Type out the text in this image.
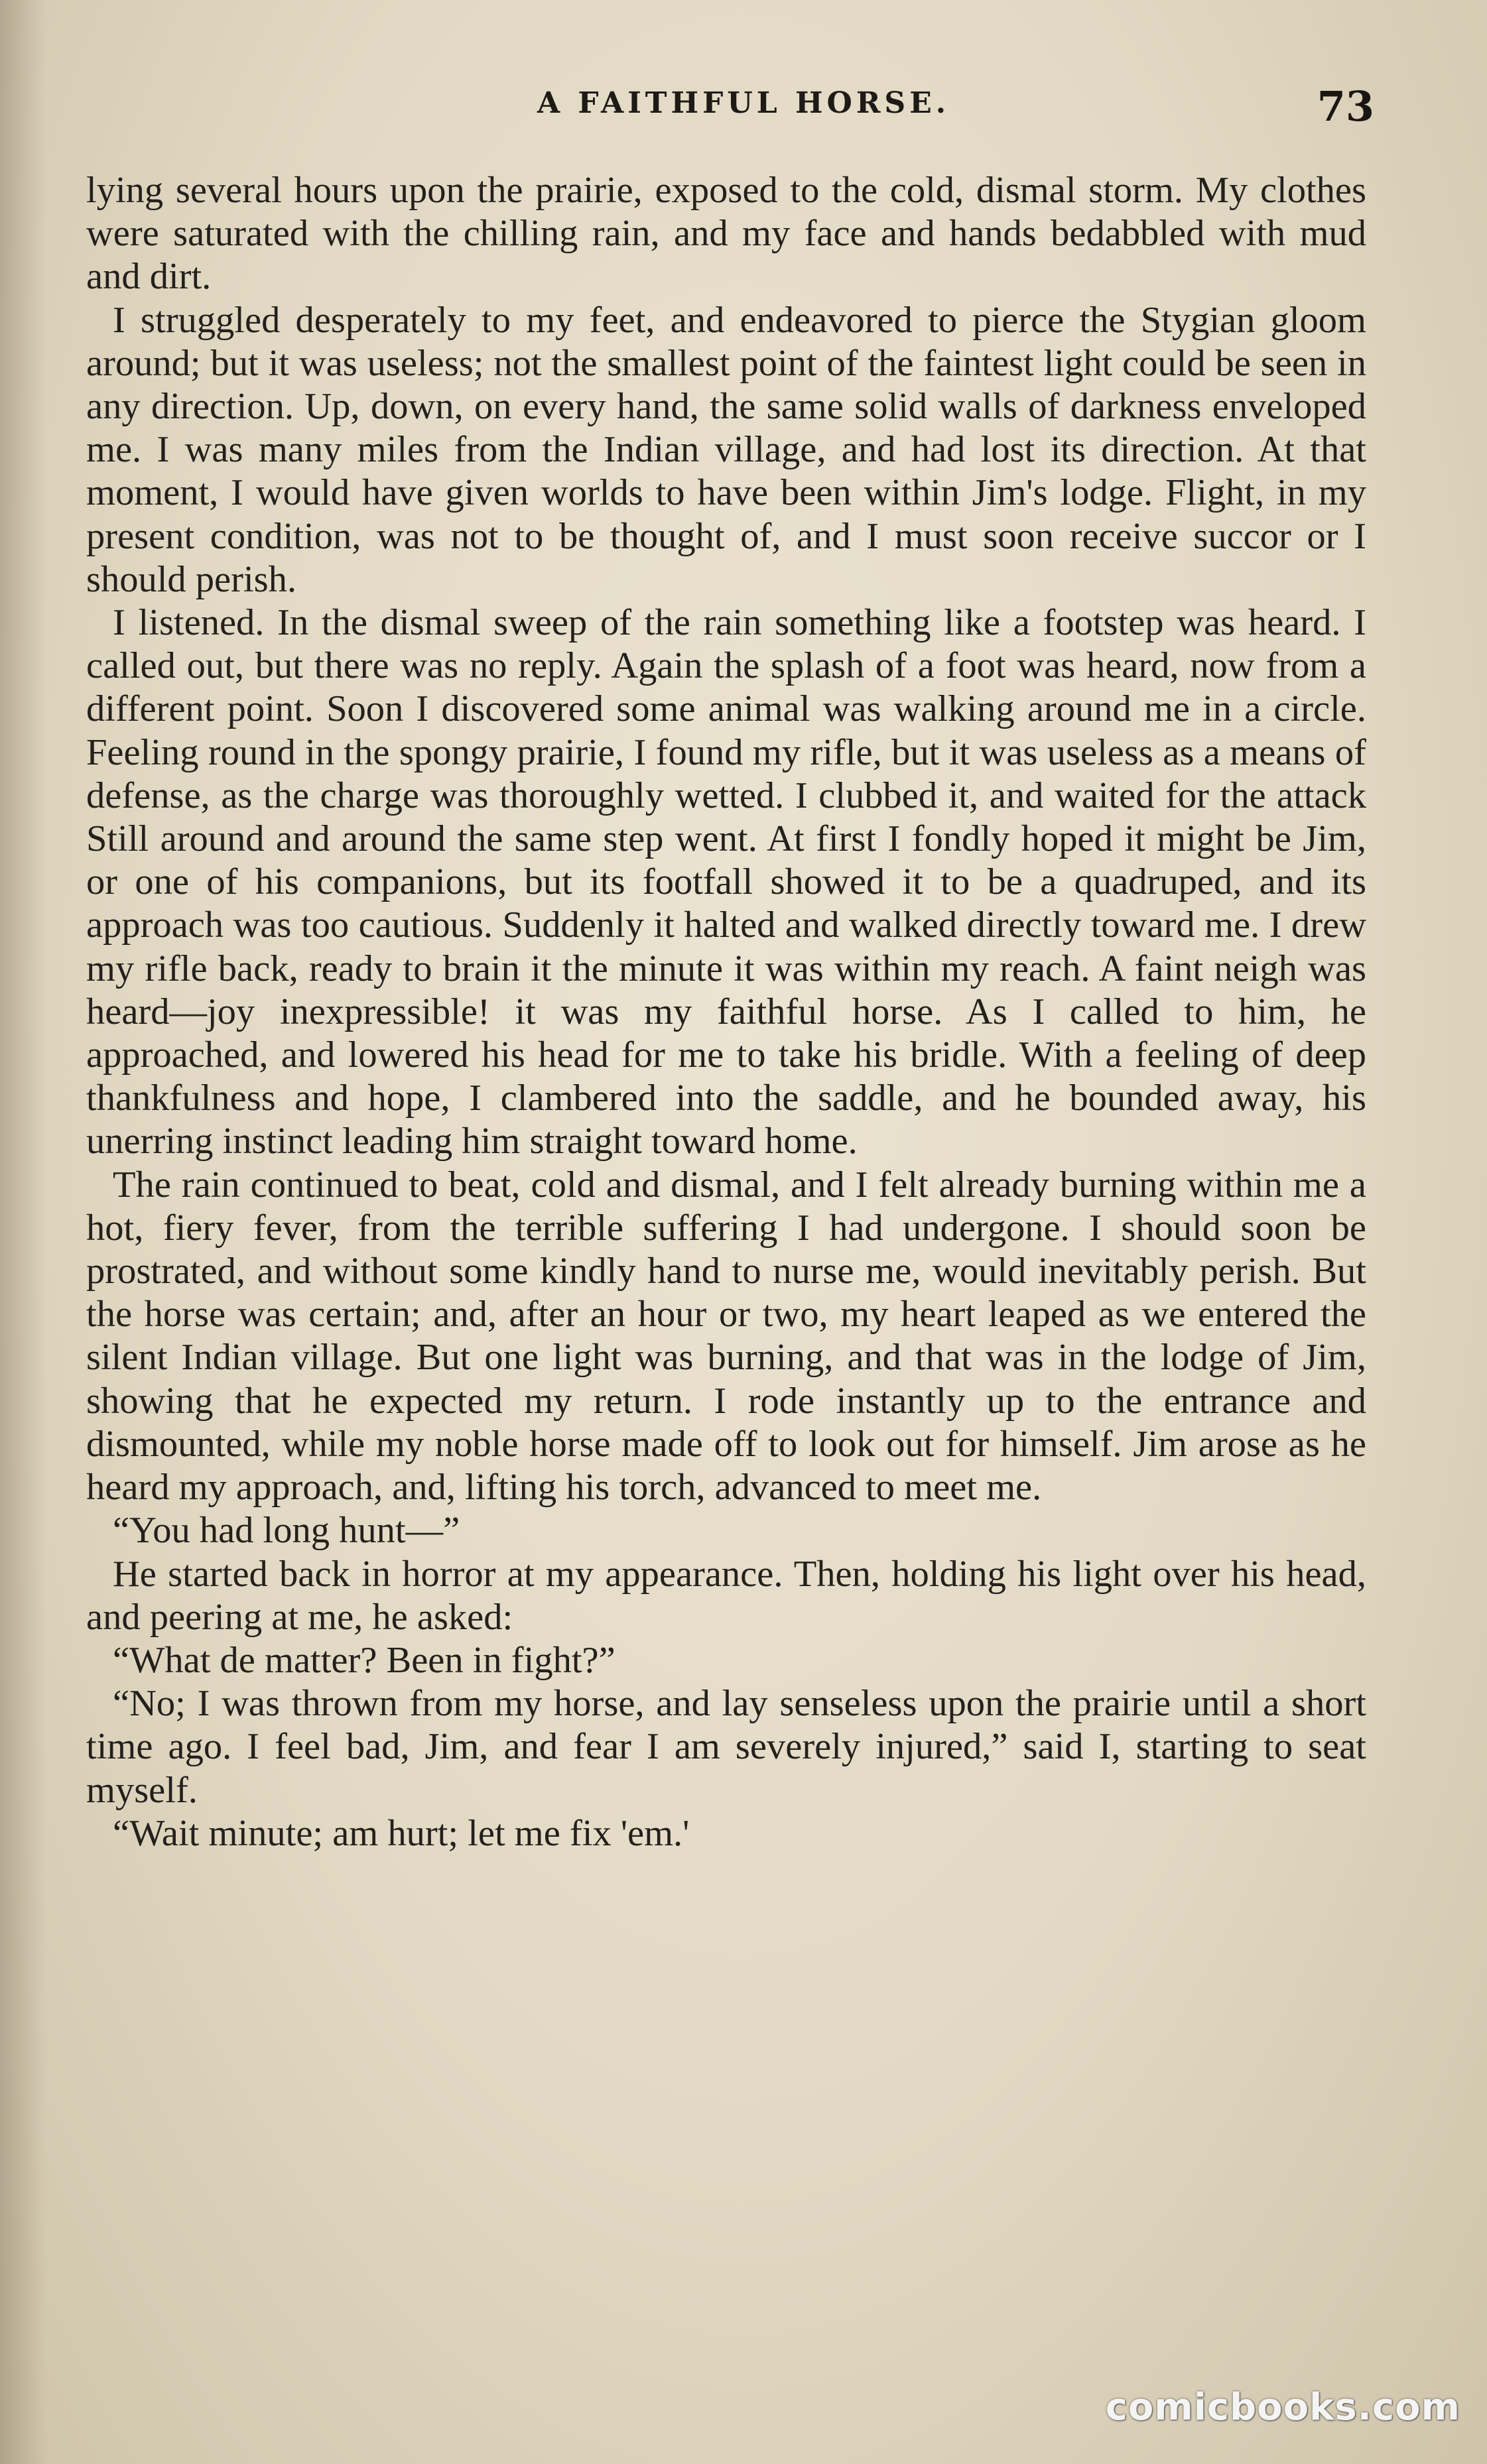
A FAITHFUL HORSE.	73

lying several hours upon the prairie, exposed to the cold, dismal storm. My clothes were saturated with the chilling rain, and my face and hands bedabbled with mud and dirt.

I struggled desperately to my feet, and endeavored to pierce the Stygian gloom around; but it was useless; not the smallest point of the faintest light could be seen in any direction. Up, down, on every hand, the same solid walls of darkness enveloped me. I was many miles from the Indian village, and had lost its direction. At that moment, I would have given worlds to have been within Jim's lodge. Flight, in my present condition, was not to be thought of, and I must soon receive succor or I should perish.

I listened. In the dismal sweep of the rain something like a footstep was heard. I called out, but there was no reply. Again the splash of a foot was heard, now from a different point. Soon I discovered some animal was walking around me in a circle. Feeling round in the spongy prairie, I found my rifle, but it was useless as a means of defense, as the charge was thoroughly wetted. I clubbed it, and waited for the attack Still around and around the same step went. At first I fondly hoped it might be Jim, or one of his companions, but its footfall showed it to be a quadruped, and its approach was too cautious. Suddenly it halted and walked directly toward me. I drew my rifle back, ready to brain it the minute it was within my reach. A faint neigh was heard—joy inexpressible! it was my faithful horse. As I called to him, he approached, and lowered his head for me to take his bridle. With a feeling of deep thankfulness and hope, I clambered into the saddle, and he bounded away, his unerring instinct leading him straight toward home.

The rain continued to beat, cold and dismal, and I felt already burning within me a hot, fiery fever, from the terrible suffering I had undergone. I should soon be prostrated, and without some kindly hand to nurse me, would inevitably perish. But the horse was certain; and, after an hour or two, my heart leaped as we entered the silent Indian village. But one light was burning, and that was in the lodge of Jim, showing that he expected my return. I rode instantly up to the entrance and dismounted, while my noble horse made off to look out for himself. Jim arose as he heard my approach, and, lifting his torch, advanced to meet me.

“You had long hunt—”

He started back in horror at my appearance. Then, holding his light over his head, and peering at me, he asked:

“What de matter? Been in fight?”

“No; I was thrown from my horse, and lay senseless upon the prairie until a short time ago. I feel bad, Jim, and fear I am severely injured,” said I, starting to seat myself.

“Wait minute; am hurt; let me fix 'em.'

comicbooks.com
